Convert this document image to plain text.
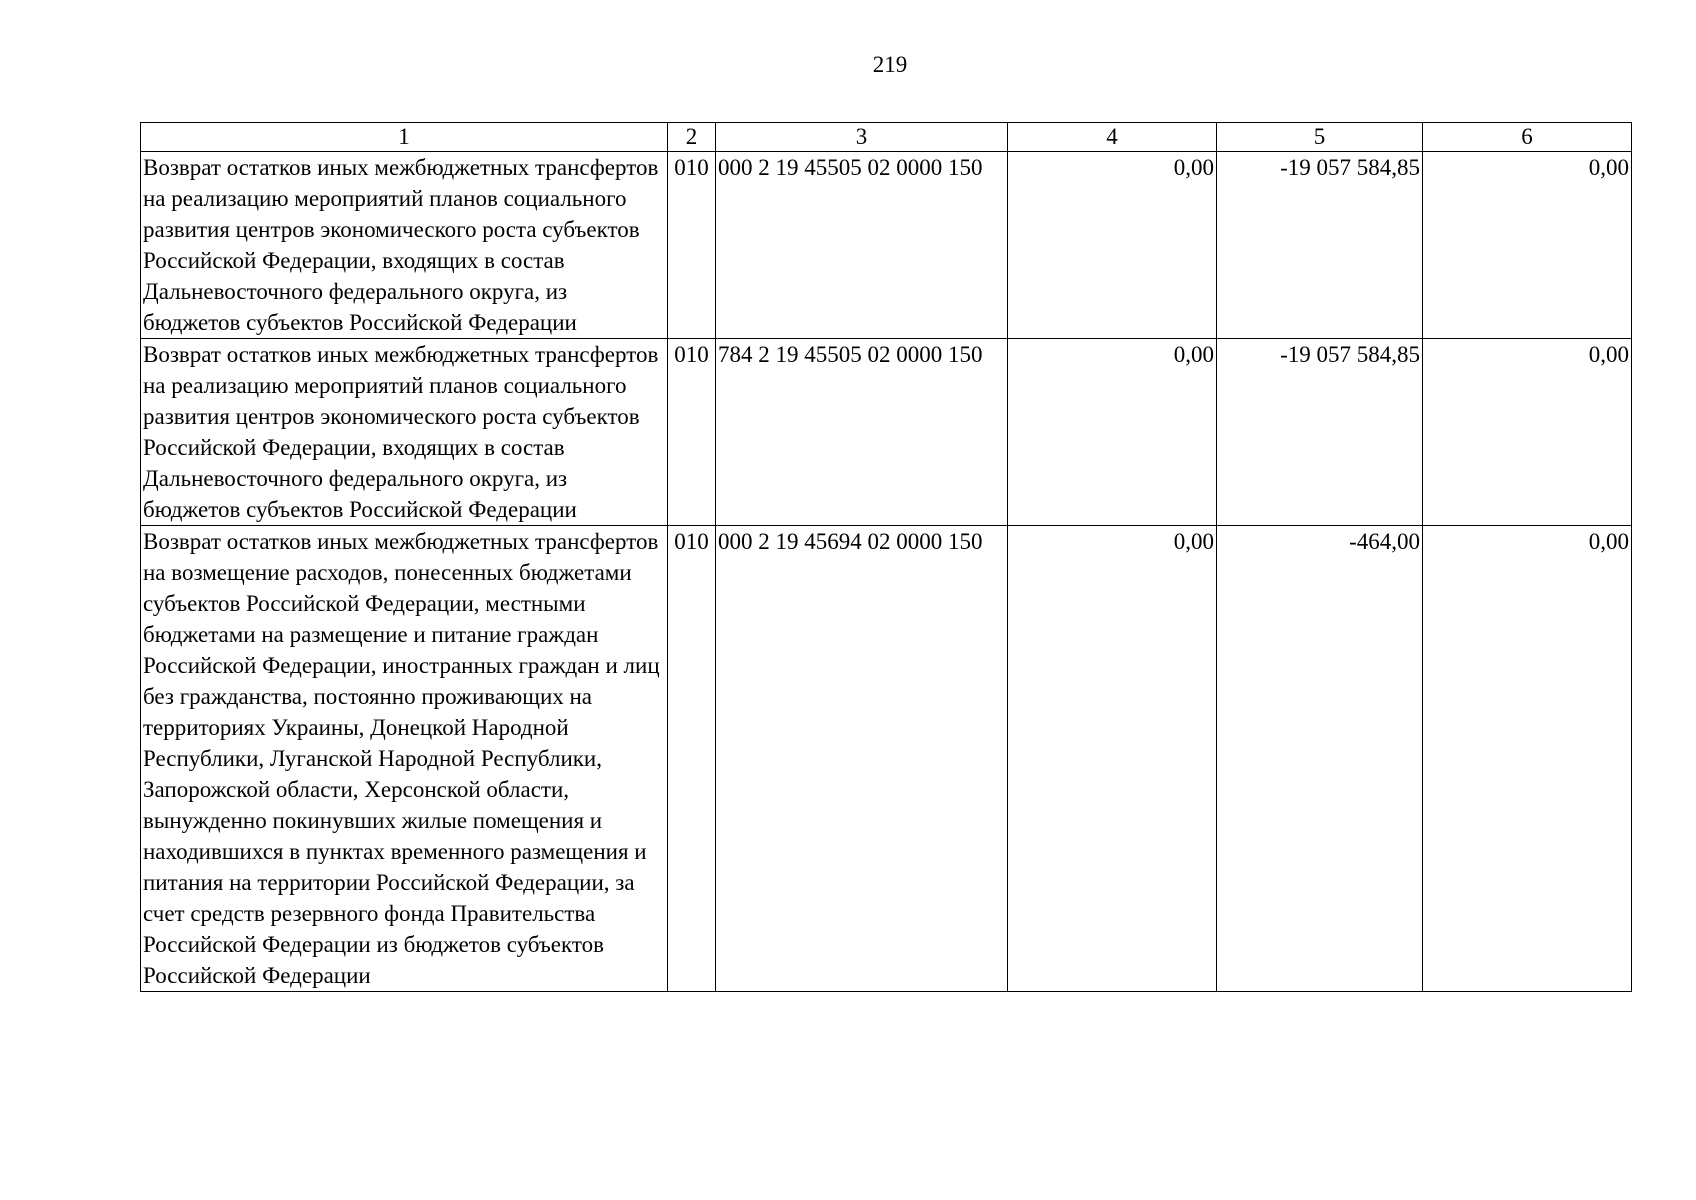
219
1	2	3	4	5	6
Возврат остатков иных межбюджетных трансфертов на реализацию мероприятий планов социального развития центров экономического роста субъектов Российской Федерации, входящих в состав Дальневосточного федерального округа, из бюджетов субъектов Российской Федерации	010	000 2 19 45505 02 0000 150	0,00	-19 057 584,85	0,00
Возврат остатков иных межбюджетных трансфертов на реализацию мероприятий планов социального развития центров экономического роста субъектов Российской Федерации, входящих в состав Дальневосточного федерального округа, из бюджетов субъектов Российской Федерации	010	784 2 19 45505 02 0000 150	0,00	-19 057 584,85	0,00
Возврат остатков иных межбюджетных трансфертов на возмещение расходов, понесенных бюджетами субъектов Российской Федерации, местными бюджетами на размещение и питание граждан Российской Федерации, иностранных граждан и лиц без гражданства, постоянно проживающих на территориях Украины, Донецкой Народной Республики, Луганской Народной Республики, Запорожской области, Херсонской области, вынужденно покинувших жилые помещения и находившихся в пунктах временного размещения и питания на территории Российской Федерации, за счет средств резервного фонда Правительства Российской Федерации из бюджетов субъектов Российской Федерации	010	000 2 19 45694 02 0000 150	0,00	-464,00	0,00
